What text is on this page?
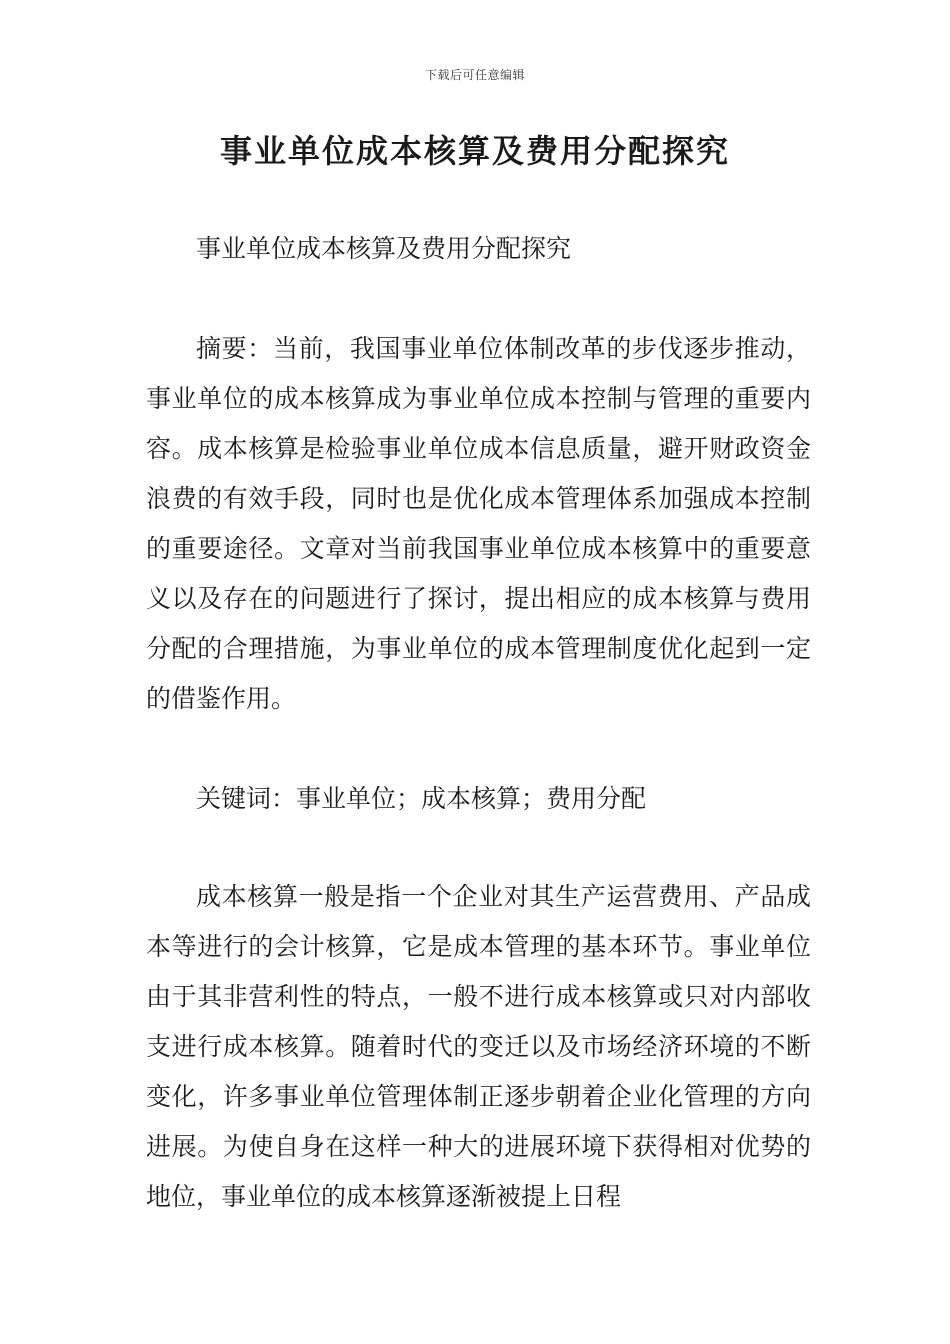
下载后可任意编辑
事业单位成本核算及费用分配探究

事业单位成本核算及费用分配探究

摘要：当前，我国事业单位体制改革的步伐逐步推动，事业单位的成本核算成为事业单位成本控制与管理的重要内容。成本核算是检验事业单位成本信息质量，避开财政资金浪费的有效手段，同时也是优化成本管理体系加强成本控制的重要途径。文章对当前我国事业单位成本核算中的重要意义以及存在的问题进行了探讨，提出相应的成本核算与费用分配的合理措施，为事业单位的成本管理制度优化起到一定的借鉴作用。

关键词：事业单位；成本核算；费用分配

成本核算一般是指一个企业对其生产运营费用、产品成本等进行的会计核算，它是成本管理的基本环节。事业单位由于其非营利性的特点，一般不进行成本核算或只对内部收支进行成本核算。随着时代的变迁以及市场经济环境的不断变化，许多事业单位管理体制正逐步朝着企业化管理的方向进展。为使自身在这样一种大的进展环境下获得相对优势的地位，事业单位的成本核算逐渐被提上日程
